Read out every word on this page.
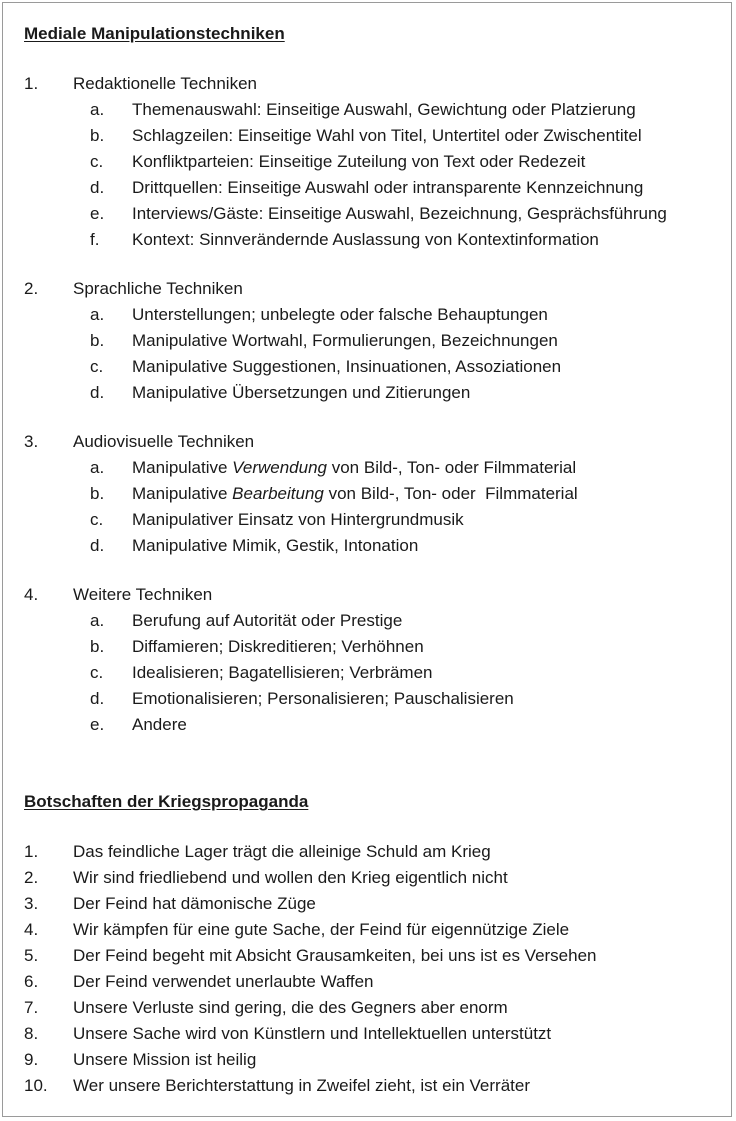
Mediale Manipulationstechniken
1. Redaktionelle Techniken
a. Themenauswahl: Einseitige Auswahl, Gewichtung oder Platzierung
b. Schlagzeilen: Einseitige Wahl von Titel, Untertitel oder Zwischentitel
c. Konfliktparteien: Einseitige Zuteilung von Text oder Redezeit
d. Drittquellen: Einseitige Auswahl oder intransparente Kennzeichnung
e. Interviews/Gäste: Einseitige Auswahl, Bezeichnung, Gesprächsführung
f. Kontext: Sinnverändernde Auslassung von Kontextinformation
2. Sprachliche Techniken
a. Unterstellungen; unbelegte oder falsche Behauptungen
b. Manipulative Wortwahl, Formulierungen, Bezeichnungen
c. Manipulative Suggestionen, Insinuationen, Assoziationen
d. Manipulative Übersetzungen und Zitierungen
3. Audiovisuelle Techniken
a. Manipulative Verwendung von Bild-, Ton- oder Filmmaterial
b. Manipulative Bearbeitung von Bild-, Ton- oder  Filmmaterial
c. Manipulativer Einsatz von Hintergrundmusik
d. Manipulative Mimik, Gestik, Intonation
4. Weitere Techniken
a. Berufung auf Autorität oder Prestige
b. Diffamieren; Diskreditieren; Verhöhnen
c. Idealisieren; Bagatellisieren; Verbrämen
d. Emotionalisieren; Personalisieren; Pauschalisieren
e. Andere
Botschaften der Kriegspropaganda
1. Das feindliche Lager trägt die alleinige Schuld am Krieg
2. Wir sind friedliebend und wollen den Krieg eigentlich nicht
3. Der Feind hat dämonische Züge
4. Wir kämpfen für eine gute Sache, der Feind für eigennützige Ziele
5. Der Feind begeht mit Absicht Grausamkeiten, bei uns ist es Versehen
6. Der Feind verwendet unerlaubte Waffen
7. Unsere Verluste sind gering, die des Gegners aber enorm
8. Unsere Sache wird von Künstlern und Intellektuellen unterstützt
9. Unsere Mission ist heilig
10. Wer unsere Berichterstattung in Zweifel zieht, ist ein Verräter
